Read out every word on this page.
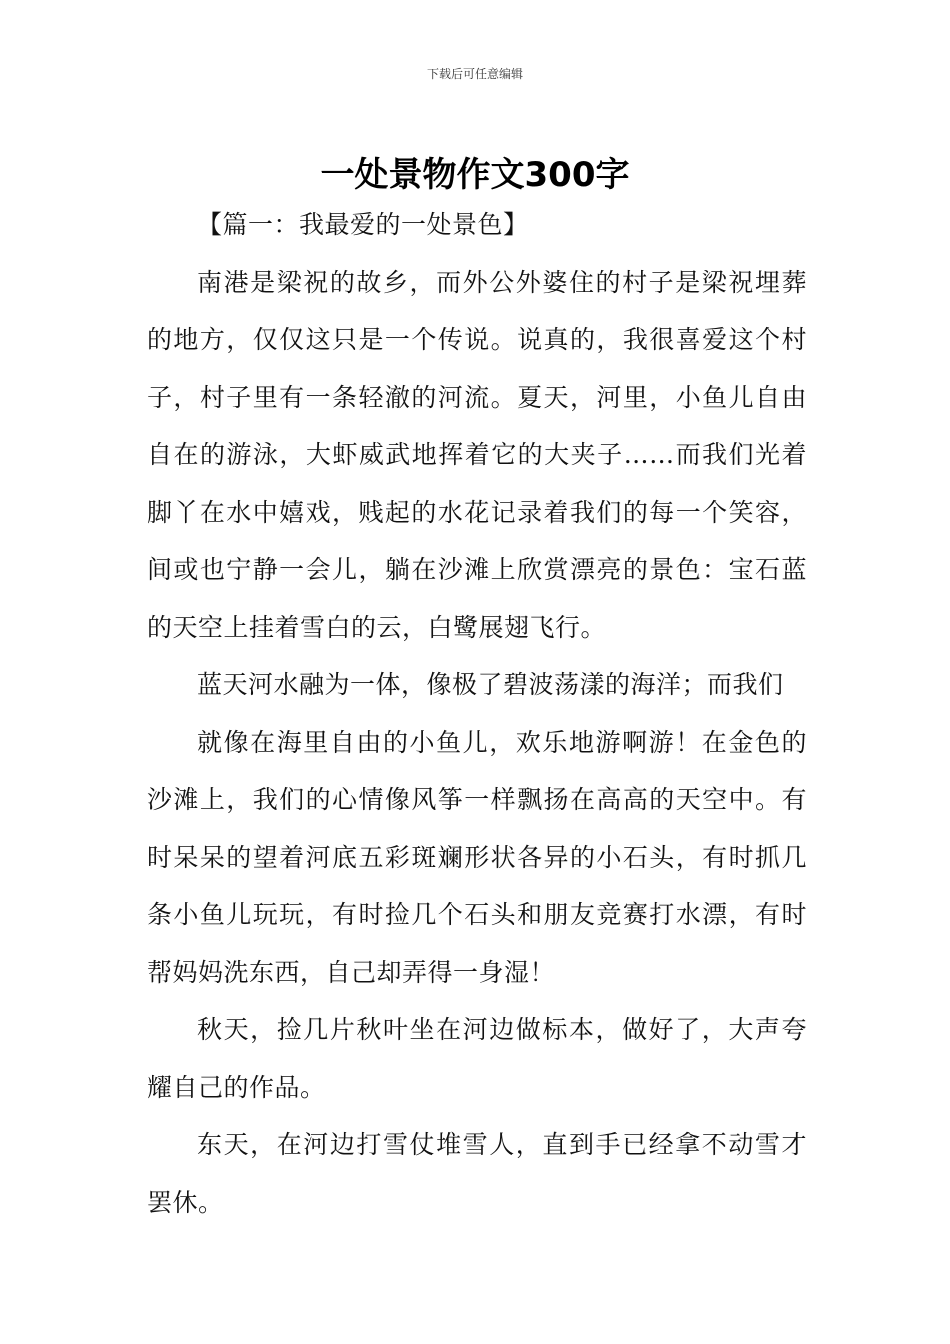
下载后可任意编辑
一处景物作文300字

【篇一：我最爱的一处景色】

南港是梁祝的故乡，而外公外婆住的村子是梁祝埋葬的地方，仅仅这只是一个传说。说真的，我很喜爱这个村子，村子里有一条轻澈的河流。夏天，河里，小鱼儿自由自在的游泳，大虾威武地挥着它的大夹子……而我们光着脚丫在水中嬉戏，贱起的水花记录着我们的每一个笑容，间或也宁静一会儿，躺在沙滩上欣赏漂亮的景色：宝石蓝的天空上挂着雪白的云，白鹭展翅飞行。

蓝天河水融为一体，像极了碧波荡漾的海洋；而我们

就像在海里自由的小鱼儿，欢乐地游啊游！在金色的沙滩上，我们的心情像风筝一样飘扬在高高的天空中。有时呆呆的望着河底五彩斑斓形状各异的小石头，有时抓几条小鱼儿玩玩，有时捡几个石头和朋友竞赛打水漂，有时帮妈妈洗东西，自己却弄得一身湿！

秋天，捡几片秋叶坐在河边做标本，做好了，大声夸耀自己的作品。

东天，在河边打雪仗堆雪人，直到手已经拿不动雪才罢休。
